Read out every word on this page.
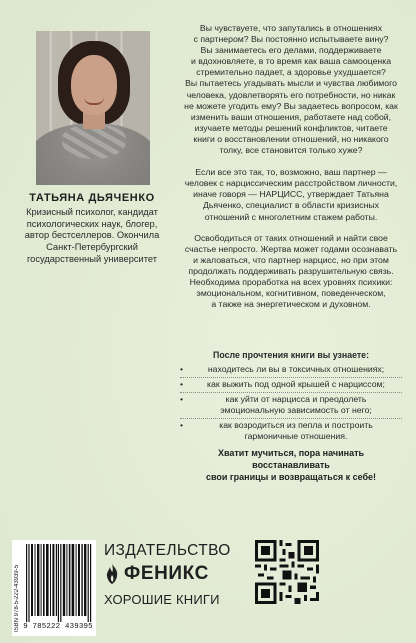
ТАТЬЯНА ДЬЯЧЕНКО
Кризисный психолог, кандидат
психологических наук, блогер,
автор бестселлеров. Окончила
Санкт-Петербургский
государственный университет

Вы чувствуете, что запутались в отношениях
с партнером? Вы постоянно испытываете вину?
Вы занимаетесь его делами, поддерживаете
и вдохновляете, в то время как ваша самооценка
стремительно падает, а здоровье ухудшается?
Вы пытаетесь угадывать мысли и чувства любимого
человека, удовлетворять его потребности, но никак
не можете угодить ему? Вы задаетесь вопросом, как
изменить ваши отношения, работаете над собой,
изучаете методы решений конфликтов, читаете
книги о восстановлении отношений, но никакого
толку, все становится только хуже?

Если все это так, то, возможно, ваш партнер —
человек с нарциссическим расстройством личности,
иначе говоря — НАРЦИСС, утверждает Татьяна
Дьяченко, специалист в области кризисных
отношений с многолетним стажем работы.

Освободиться от таких отношений и найти свое
счастье непросто. Жертва может годами осознавать
и жаловаться, что партнер нарцисс, но при этом
продолжать поддерживать разрушительную связь.
Необходима проработка на всех уровнях психики:
эмоциональном, когнитивном, поведенческом,
а также на энергетическом и духовном.

После прочтения книги вы узнаете:
• находитесь ли вы в токсичных отношениях;
• как выжить под одной крышей с нарциссом;
• как уйти от нарцисса и преодолеть
эмоциональную зависимость от него;
• как возродиться из пепла и построить
гармоничные отношения.
Хватит мучиться, пора начинать восстанавливать
свои границы и возвращаться к себе!
ISBN 978-5-222-43939-5 9 785222 439395
ИЗДАТЕЛЬСТВО
ФЕНИКС
ХОРОШИЕ КНИГИ
